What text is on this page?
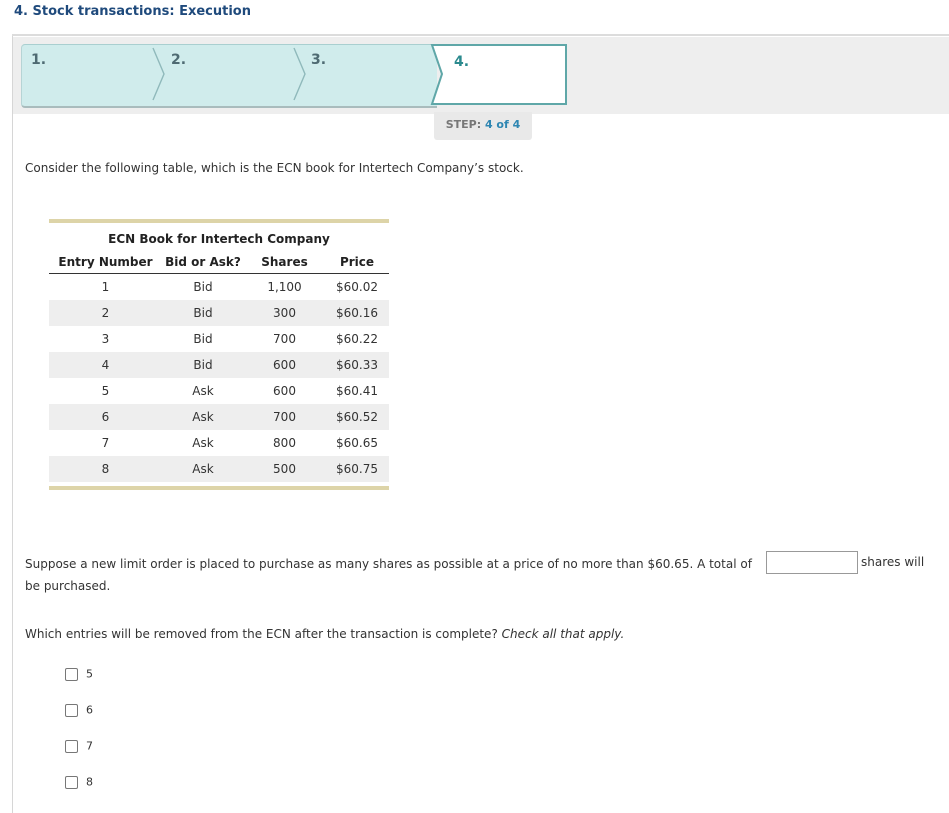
4. Stock transactions: Execution
1.	2.	3.	4.
STEP: 4 of 4
Consider the following table, which is the ECN book for Intertech Company’s stock.
ECN Book for Intertech Company
Entry Number	Bid or Ask?	Shares	Price
1	Bid	1,100	$60.02
2	Bid	300	$60.16
3	Bid	700	$60.22
4	Bid	600	$60.33
5	Ask	600	$60.41
6	Ask	700	$60.52
7	Ask	800	$60.65
8	Ask	500	$60.75
Suppose a new limit order is placed to purchase as many shares as possible at a price of no more than $60.65. A total of	shares will
be purchased.
Which entries will be removed from the ECN after the transaction is complete? Check all that apply.
5
6
7
8
